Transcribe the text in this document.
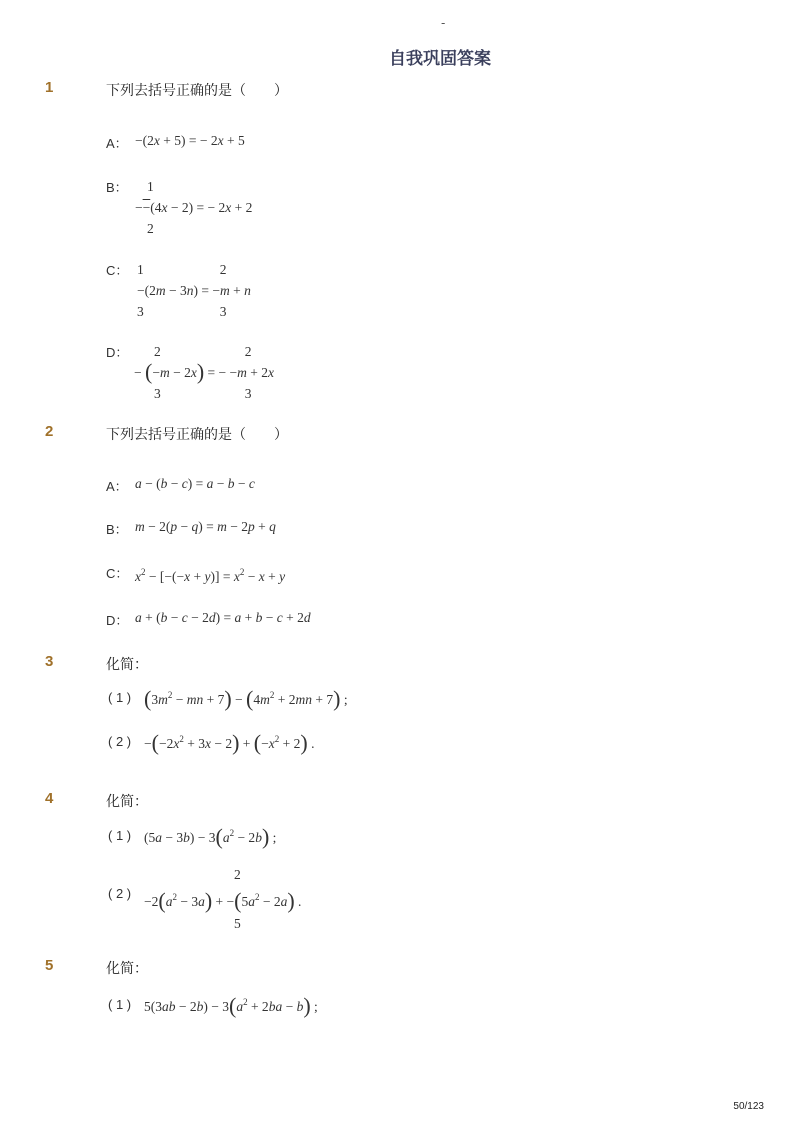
-
自我巩固答案
1	下列去括号正确的是（　　）
A： −(2x + 5) = − 2x + 5
B：	1
−−(4x − 2) = − 2x + 2
2
C： 1	2
−(2m − 3n) = −m + n
3	3
D：	2	2
− (−m − 2x) = − −m + 2x
3	3
2	下列去括号正确的是（　　）
A： a − (b − c) = a − b − c
B： m − 2(p − q) = m − 2p + q
C： $x^2 - [-(-x + y)] = x^2 - x + y$
D： a + (b − c − 2d) = a + b − c + 2d
3	化简：
( 1 ) ($3m^2$ − mn + $7) - (4m^2 + 2mn + 7)$ ;
( 2 ) $-(-2x^2 + 3x - 2) + (-x^2 + 2)$ .
4	化简：
( 1 ) $(5a - 3b) - 3(a^2 - 2b)$ ;
( 2 )
2
$-2(a^2 - 3a) + -(5a^2 - 2a)$ .
5
5	化简：
( 1 ) $5(3ab - 2b) - 3(a^2 + 2ba - b)$ ;
50/123
